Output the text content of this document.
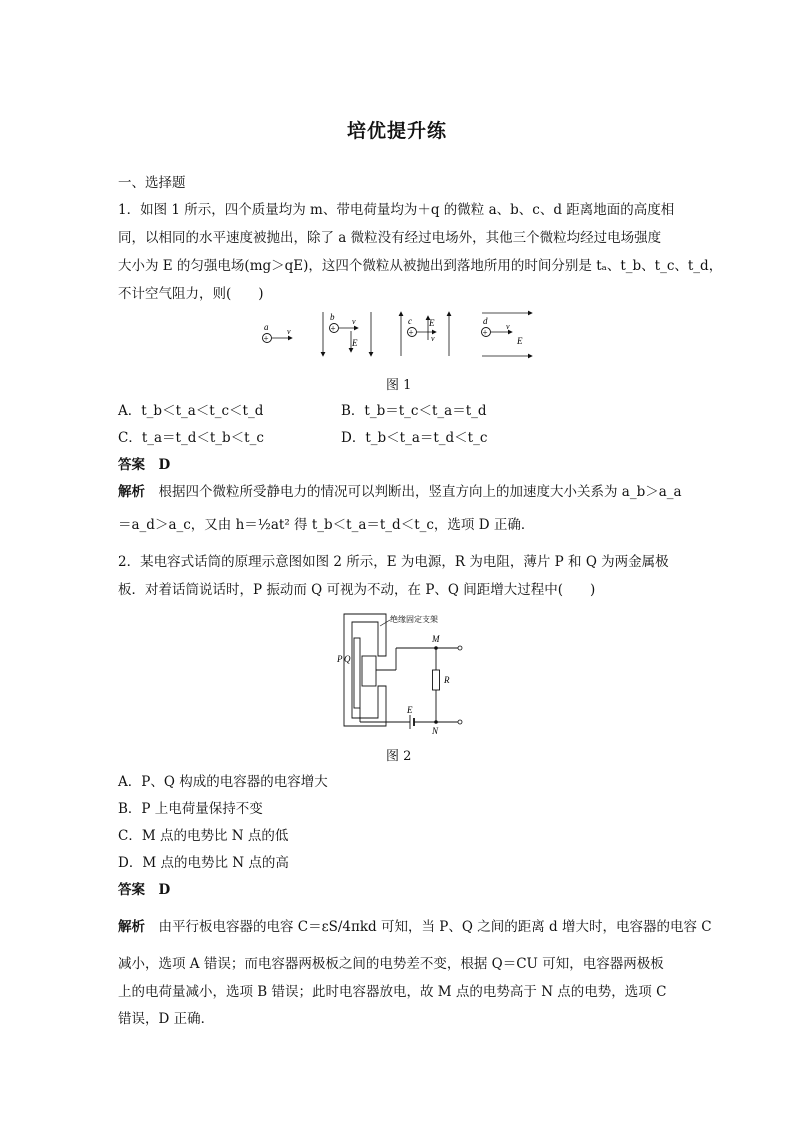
培优提升练
一、选择题
1．如图 1 所示，四个质量均为 m、带电荷量均为＋q 的微粒 a、b、c、d 距离地面的高度相
同，以相同的水平速度被抛出，除了 a 微粒没有经过电场外，其他三个微粒均经过电场强度
大小为 E 的匀强电场(mg＞qE)，这四个微粒从被抛出到落地所用的时间分别是 tₐ、t_b、t_c、t_d，
不计空气阻力，则(　　)
+
a v	+
b v
E
+
c
v
E
+
d
v
E
图 1
A．t_b＜t_a＜t_c＜t_d	B．t_b＝t_c＜t_a＝t_d
C．t_a＝t_d＜t_b＜t_c	D．t_b＜t_a＝t_d＜t_c
答案　D
解析　 根据四个微粒所受静电力的情况可以判断出，竖直方向上的加速度大小关系为 a_b＞a_a
＝a_d＞a_c，又由 h＝½at² 得 t_b＜t_a＝t_d＜t_c，选项 D 正确．
2．某电容式话筒的原理示意图如图 2 所示，E 为电源，R 为电阻，薄片 P 和 Q 为两金属极
板．对着话筒说话时，P 振动而 Q 可视为不动，在 P、Q 间距增大过程中(　　)
绝缘固定支架
P Q
M
R
E
N
图 2
A．P、Q 构成的电容器的电容增大
B．P 上电荷量保持不变
C．M 点的电势比 N 点的低
D．M 点的电势比 N 点的高
答案　D
解析　 由平行板电容器的电容 C＝εS/4πkd 可知，当 P、Q 之间的距离 d 增大时，电容器的电容 C
减小，选项 A 错误；而电容器两极板之间的电势差不变，根据 Q＝CU 可知，电容器两极板
上的电荷量减小，选项 B 错误；此时电容器放电，故 M 点的电势高于 N 点的电势，选项 C
错误，D 正确．
